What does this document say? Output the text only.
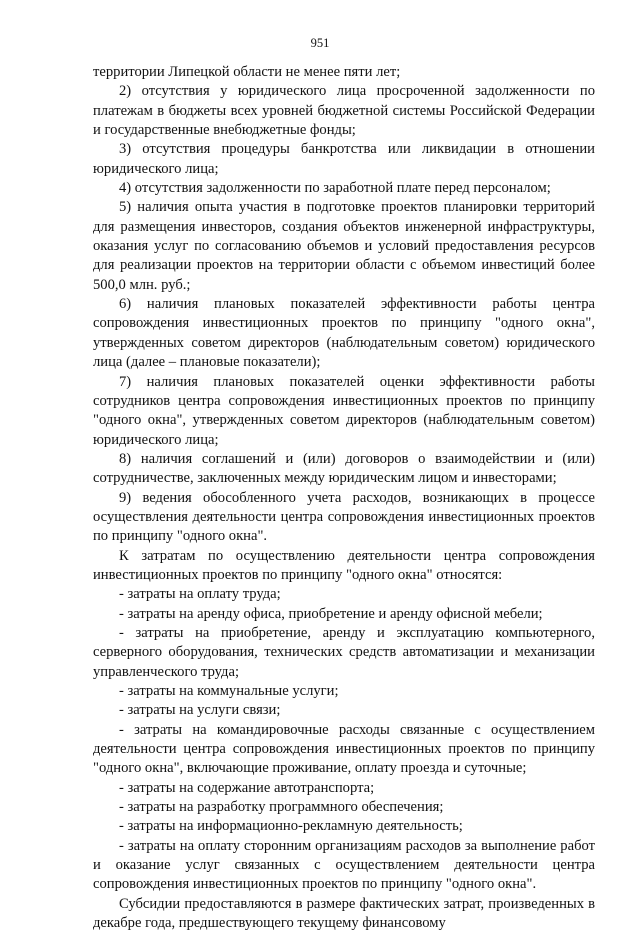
951

территории Липецкой области не менее пяти лет;

2) отсутствия у юридического лица просроченной задолженности по платежам в бюджеты всех уровней бюджетной системы Российской Федерации и государственные внебюджетные фонды;

3) отсутствия процедуры банкротства или ликвидации в отношении юридического лица;

4) отсутствия задолженности по заработной плате перед персоналом;

5) наличия опыта участия в подготовке проектов планировки территорий для размещения инвесторов, создания объектов инженерной инфраструктуры, оказания услуг по согласованию объемов и условий предоставления ресурсов для реализации проектов на территории области с объемом инвестиций более 500,0 млн. руб.;

6) наличия плановых показателей эффективности работы центра сопровождения инвестиционных проектов по принципу "одного окна", утвержденных советом директоров (наблюдательным советом) юридического лица (далее – плановые показатели);

7) наличия плановых показателей оценки эффективности работы сотрудников центра сопровождения инвестиционных проектов по принципу "одного окна", утвержденных советом директоров (наблюдательным советом) юридического лица;

8) наличия соглашений и (или) договоров о взаимодействии и (или) сотрудничестве, заключенных между юридическим лицом и инвесторами;

9) ведения обособленного учета расходов, возникающих в процессе осуществления деятельности центра сопровождения инвестиционных проектов по принципу "одного окна".

К затратам по осуществлению деятельности центра сопровождения инвестиционных проектов по принципу "одного окна" относятся:

- затраты на оплату труда;

- затраты на аренду офиса, приобретение и аренду офисной мебели;

- затраты на приобретение, аренду и эксплуатацию компьютерного, серверного оборудования, технических средств автоматизации и механизации управленческого труда;

- затраты на коммунальные услуги;

- затраты на услуги связи;

- затраты на командировочные расходы связанные с осуществлением деятельности центра сопровождения инвестиционных проектов по принципу "одного окна", включающие проживание, оплату проезда и суточные;

- затраты на содержание автотранспорта;

- затраты на разработку программного обеспечения;

- затраты на информационно-рекламную деятельность;

- затраты на оплату сторонним организациям расходов за выполнение работ и оказание услуг связанных с осуществлением деятельности центра сопровождения инвестиционных проектов по принципу "одного окна".

Субсидии предоставляются в размере фактических затрат, произведенных в декабре года, предшествующего текущему финансовому
